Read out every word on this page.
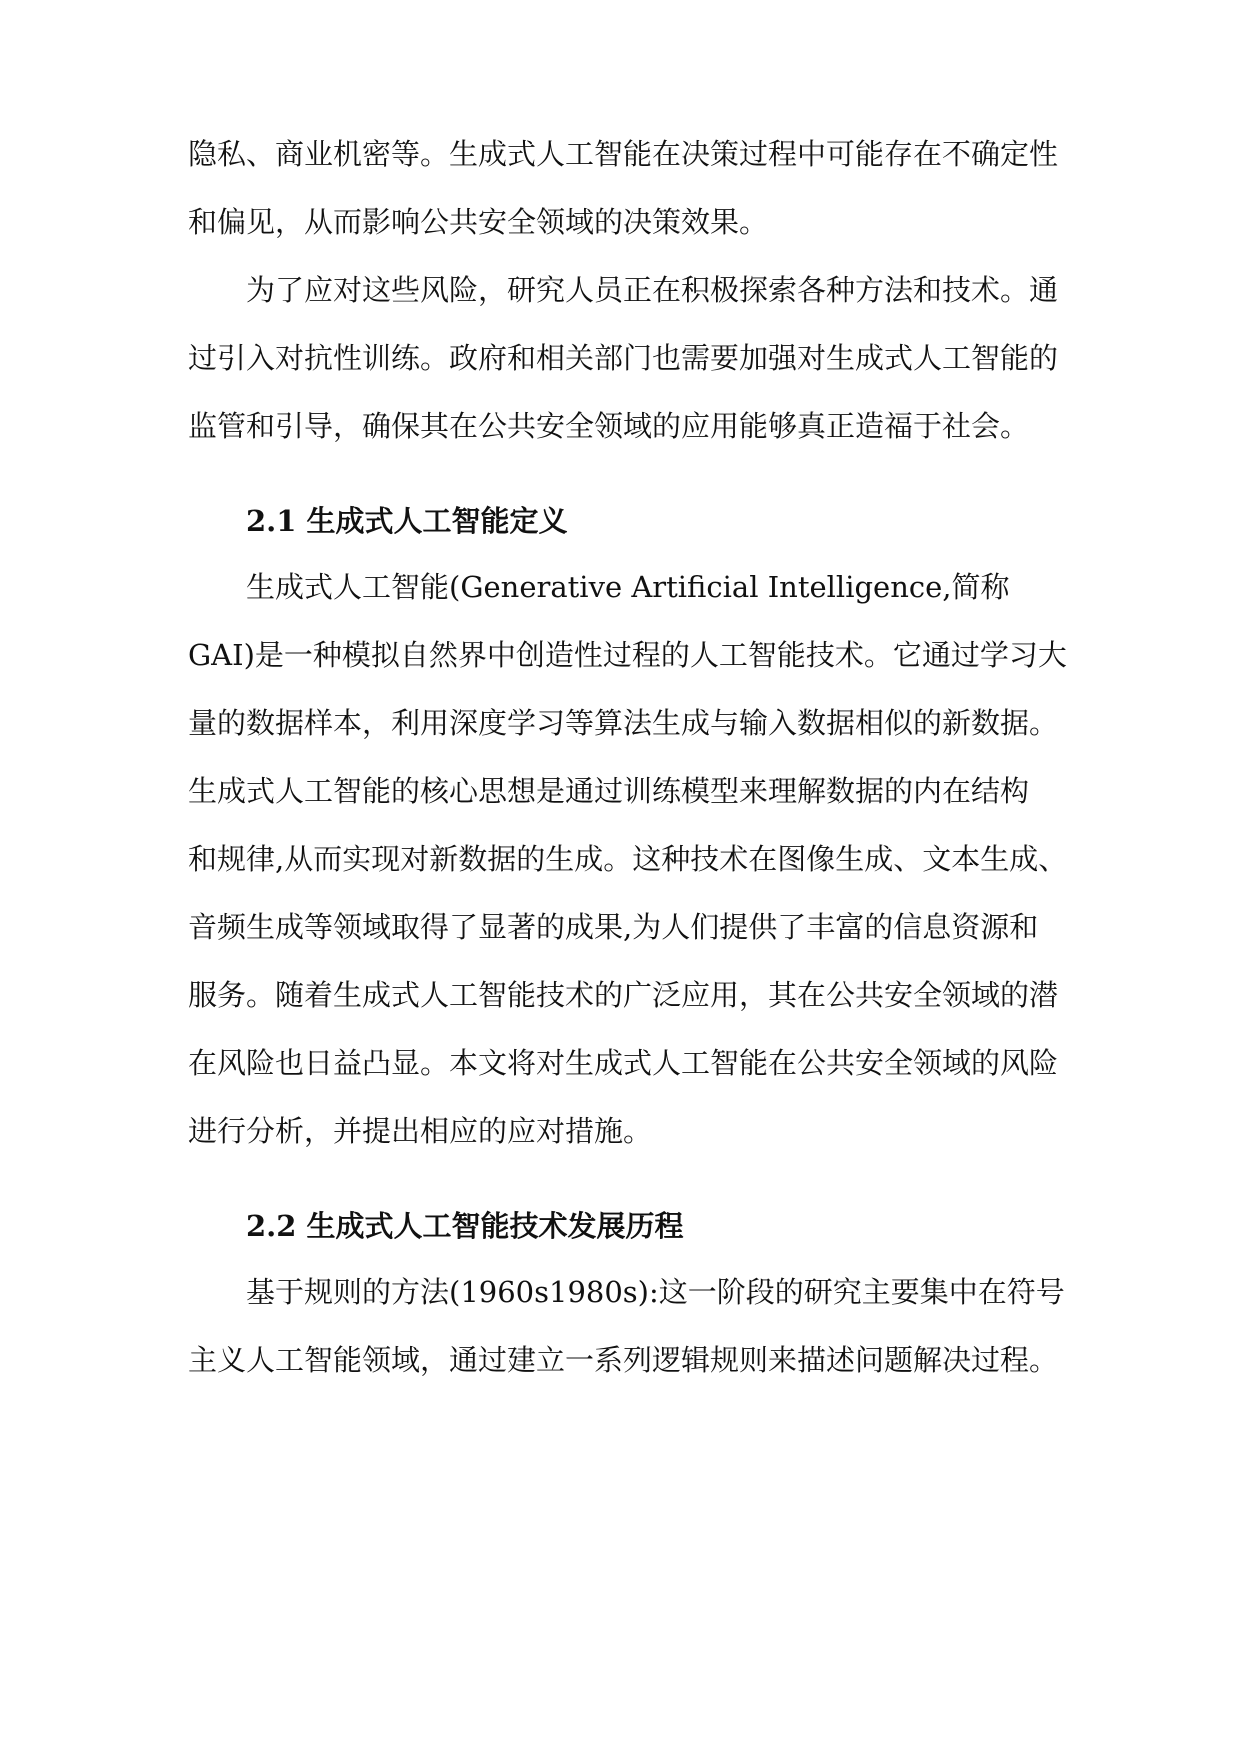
隐私、商业机密等。生成式人工智能在决策过程中可能存在不确定性
和偏见，从而影响公共安全领域的决策效果。
为了应对这些风险，研究人员正在积极探索各种方法和技术。通
过引入对抗性训练。政府和相关部门也需要加强对生成式人工智能的
监管和引导，确保其在公共安全领域的应用能够真正造福于社会。
2.1 生成式人工智能定义
生成式人工智能(Generative Artificial Intelligence,简称
GAI)是一种模拟自然界中创造性过程的人工智能技术。它通过学习大
量的数据样本，利用深度学习等算法生成与输入数据相似的新数据。
生成式人工智能的核心思想是通过训练模型来理解数据的内在结构
和规律,从而实现对新数据的生成。这种技术在图像生成、文本生成、
音频生成等领域取得了显著的成果,为人们提供了丰富的信息资源和
服务。随着生成式人工智能技术的广泛应用，其在公共安全领域的潜
在风险也日益凸显。本文将对生成式人工智能在公共安全领域的风险
进行分析，并提出相应的应对措施。
2.2 生成式人工智能技术发展历程
基于规则的方法(1960s1980s):这一阶段的研究主要集中在符号
主义人工智能领域，通过建立一系列逻辑规则来描述问题解决过程。
